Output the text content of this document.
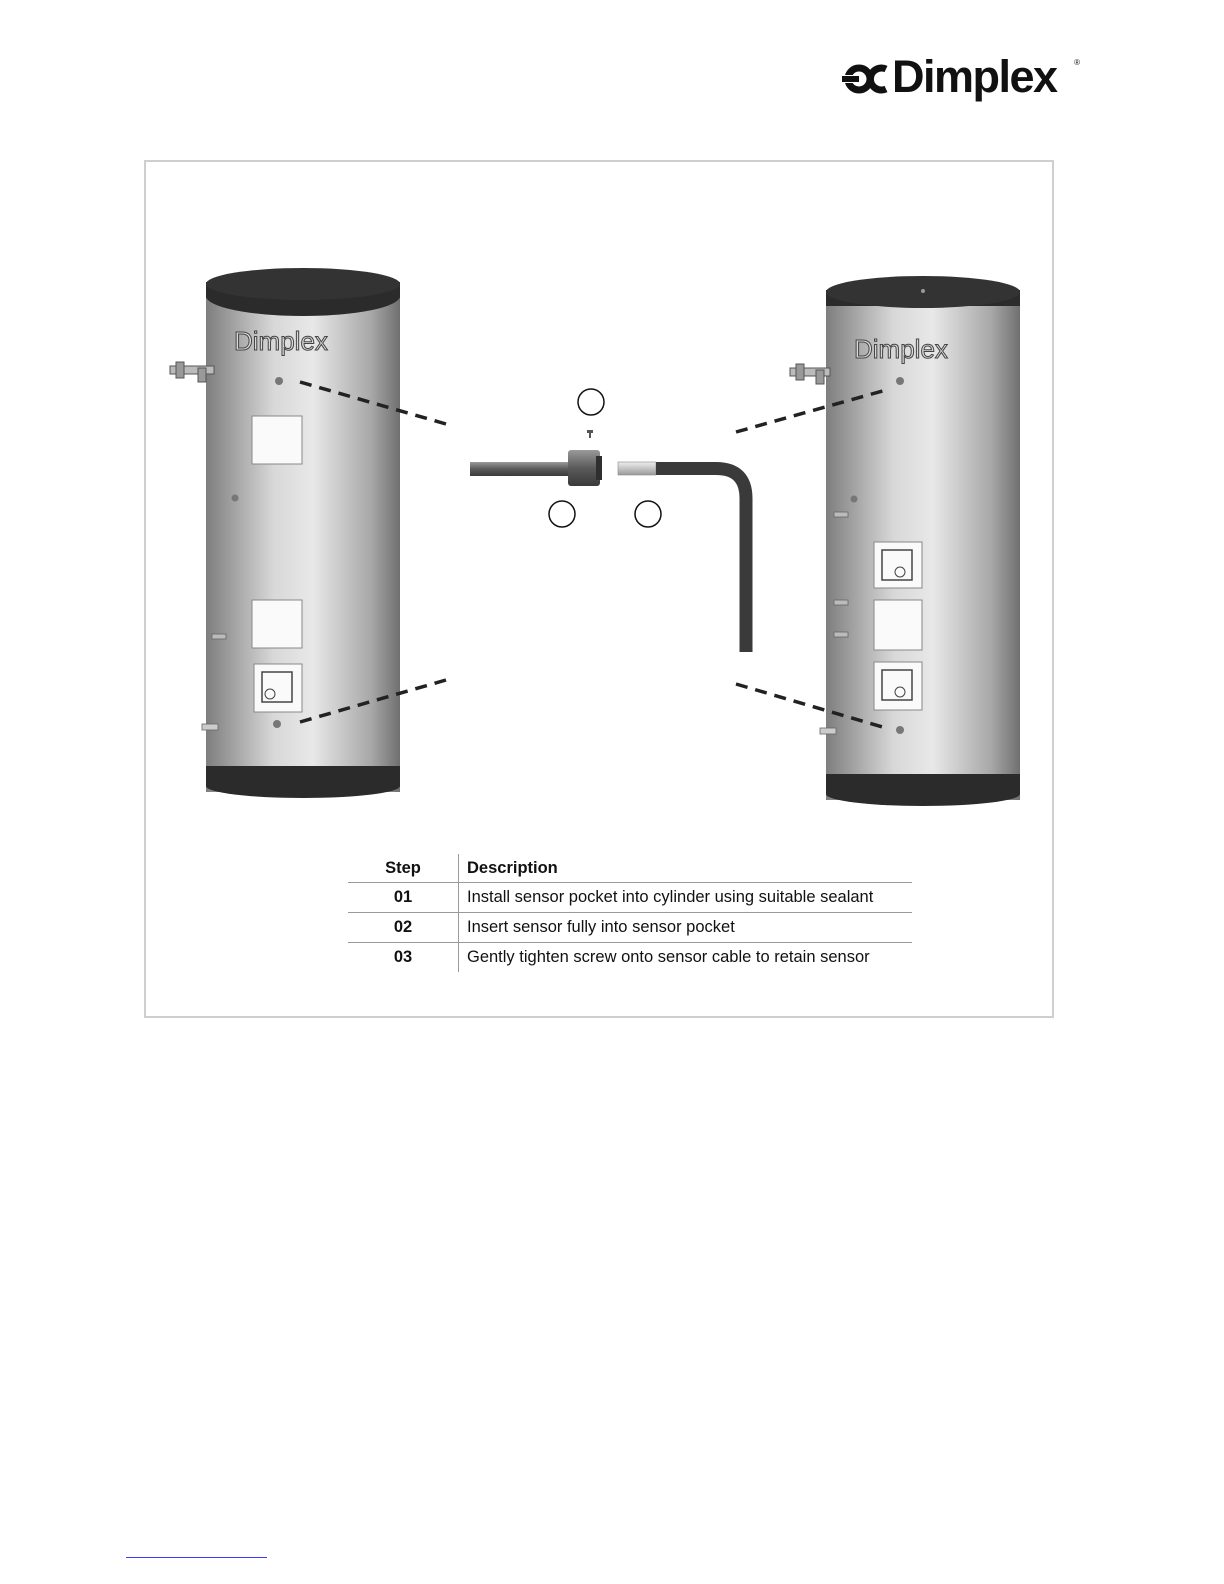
Dimplex ®
Dimplex	Dimplex
Step	Description
01	Install sensor pocket into cylinder using suitable sealant
02	Insert sensor fully into sensor pocket
03	Gently tighten screw onto sensor cable to retain sensor
